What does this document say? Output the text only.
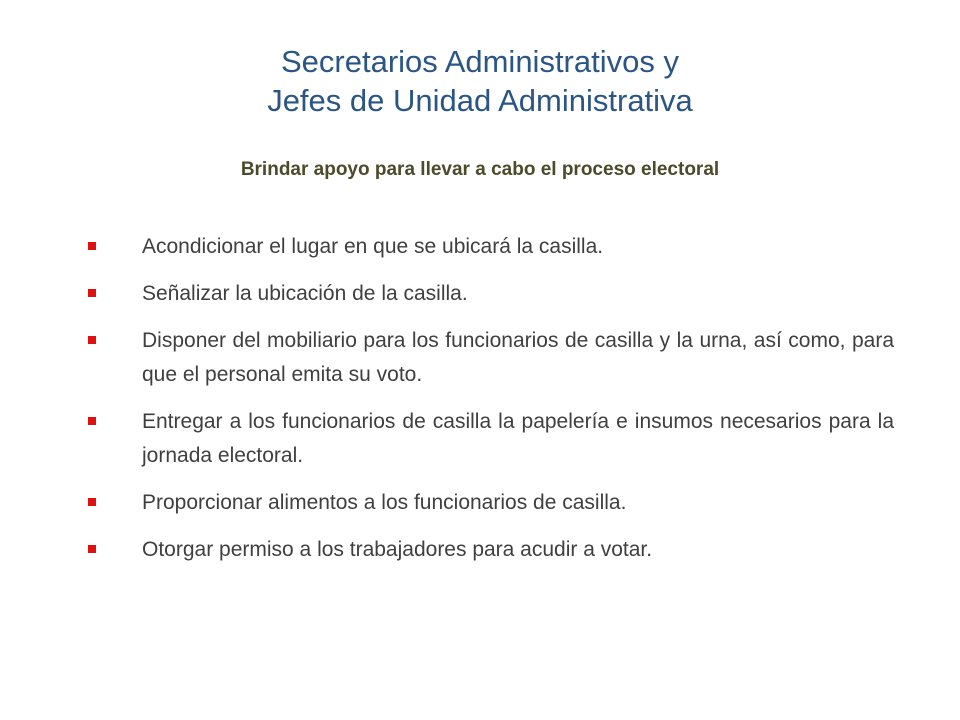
Secretarios Administrativos y
Jefes de Unidad Administrativa

Brindar apoyo para llevar a cabo el proceso electoral

Acondicionar el lugar en que se ubicará la casilla.
Señalizar la ubicación de la casilla.
Disponer del mobiliario para los funcionarios de casilla y la urna, así como, para que el personal emita su voto.
Entregar a los funcionarios de casilla la papelería e insumos necesarios para la jornada electoral.
Proporcionar alimentos a los funcionarios de casilla.
Otorgar permiso a los trabajadores para acudir a votar.
